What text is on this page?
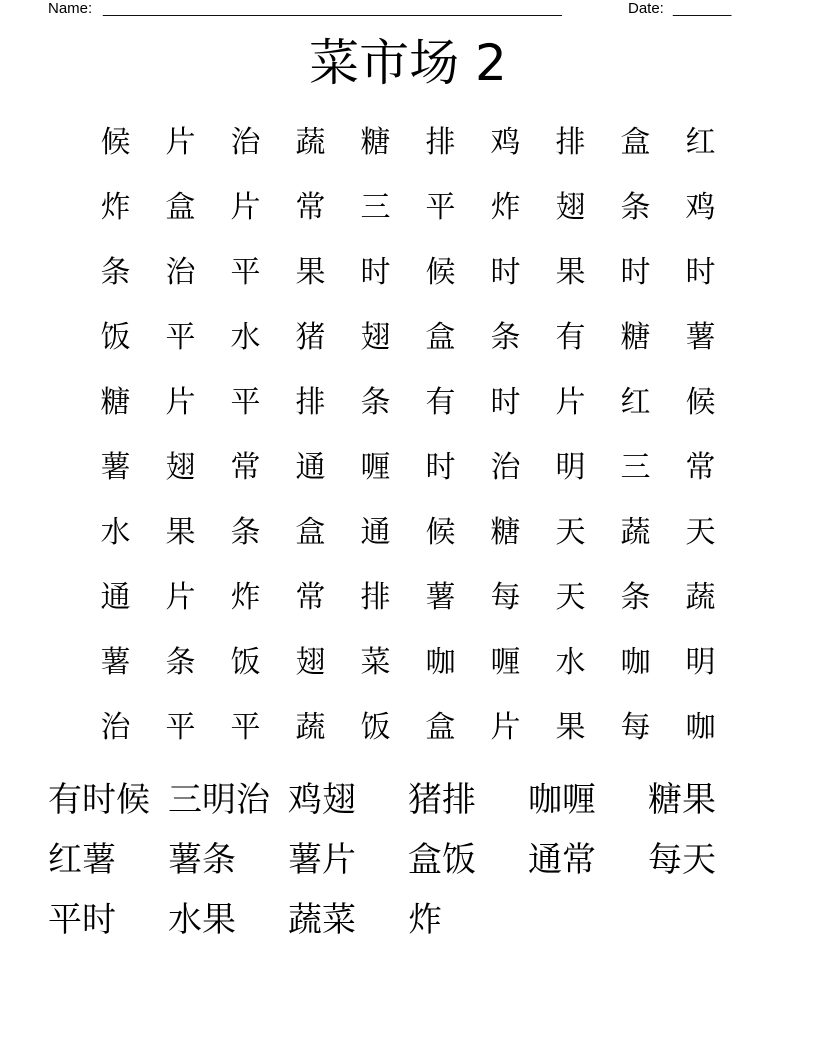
Name: _______________________________________________________	Date: _______
菜市场 2
候	片	治	蔬	糖	排	鸡	排	盒	红
炸	盒	片	常	三	平	炸	翅	条	鸡
条	治	平	果	时	候	时	果	时	时
饭	平	水	猪	翅	盒	条	有	糖	薯
糖	片	平	排	条	有	时	片	红	候
薯	翅	常	通	喱	时	治	明	三	常
水	果	条	盒	通	候	糖	天	蔬	天
通	片	炸	常	排	薯	每	天	条	蔬
薯	条	饭	翅	菜	咖	喱	水	咖	明
治	平	平	蔬	饭	盒	片	果	每	咖
有时候 三明治 鸡翅	猪排	咖喱	糖果
红薯	薯条	薯片	盒饭	通常	每天
平时	水果	蔬菜	炸
